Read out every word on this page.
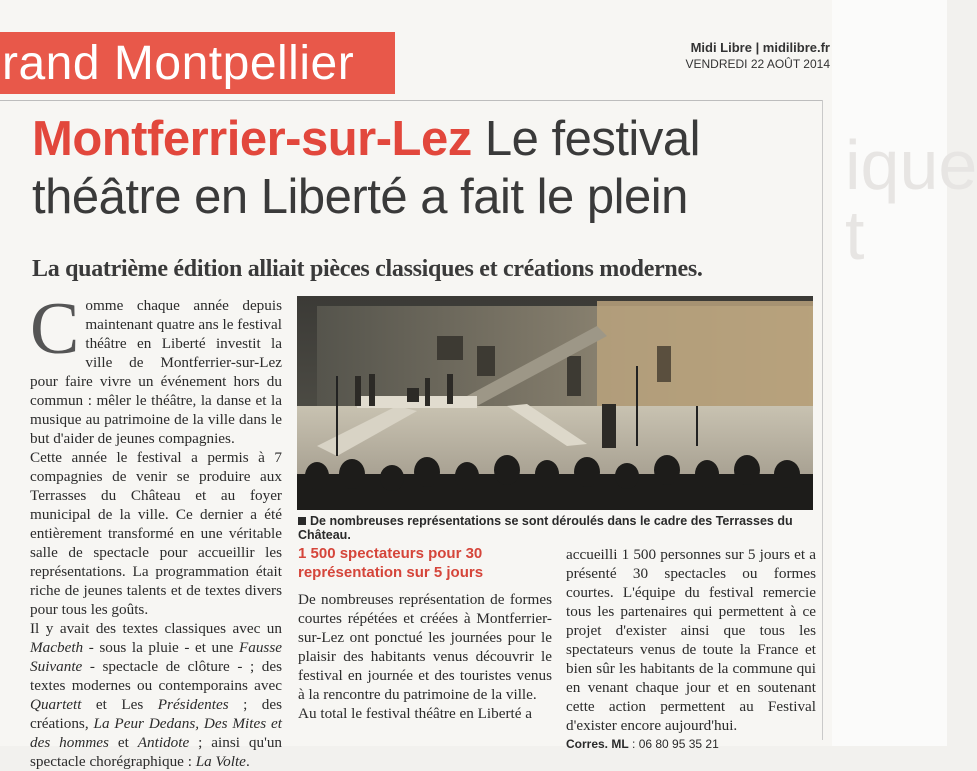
ique t
rand Montpellier	Midi Libre | midilibre.fr
VENDREDI 22 AOÛT 2014
Montferrier-sur-Lez Le festival
théâtre en Liberté a fait le plein
La quatrième édition alliait pièces classiques et créations modernes.
C omme chaque année depuis maintenant quatre ans le festival théâtre en Liberté investit la ville de Montferrier-sur-Lez pour faire vivre un événement hors du commun : mêler le théâtre, la danse et la musique au patrimoine de la ville dans le but d'aider de jeunes compagnies.

Cette année le festival a permis à 7 compagnies de venir se produire aux Terrasses du Château et au foyer municipal de la ville. Ce dernier a été entièrement transformé en une véritable salle de spectacle pour accueillir les représentations. La programmation était riche de jeunes talents et de textes divers pour tous les goûts.

Il y avait des textes classiques avec un Macbeth - sous la pluie - et une Fausse Suivante - spectacle de clôture - ; des textes modernes ou contemporains avec Quartett et Les Présidentes ; des créations, La Peur Dedans, Des Mites et des hommes et Antidote ; ainsi qu'un spectacle chorégraphique : La Volte.

De nombreuses représentations se sont déroulés dans le cadre des Terrasses du Château.
1 500 spectateurs pour 30 représentation sur 5 jours

De nombreuses représentation de formes courtes répétées et créées à Montferrier-sur-Lez ont ponctué les journées pour le plaisir des habitants venus découvrir le festival en journée et des touristes venus à la rencontre du patrimoine de la ville.

Au total le festival théâtre en Liberté a

accueilli 1 500 personnes sur 5 jours et a présenté 30 spectacles ou formes courtes. L'équipe du festival remercie tous les partenaires qui permettent à ce projet d'exister ainsi que tous les spectateurs venus de toute la France et bien sûr les habitants de la commune qui en venant chaque jour et en soutenant cette action permettent au Festival d'exister encore aujourd'hui.

Corres. ML : 06 80 95 35 21
